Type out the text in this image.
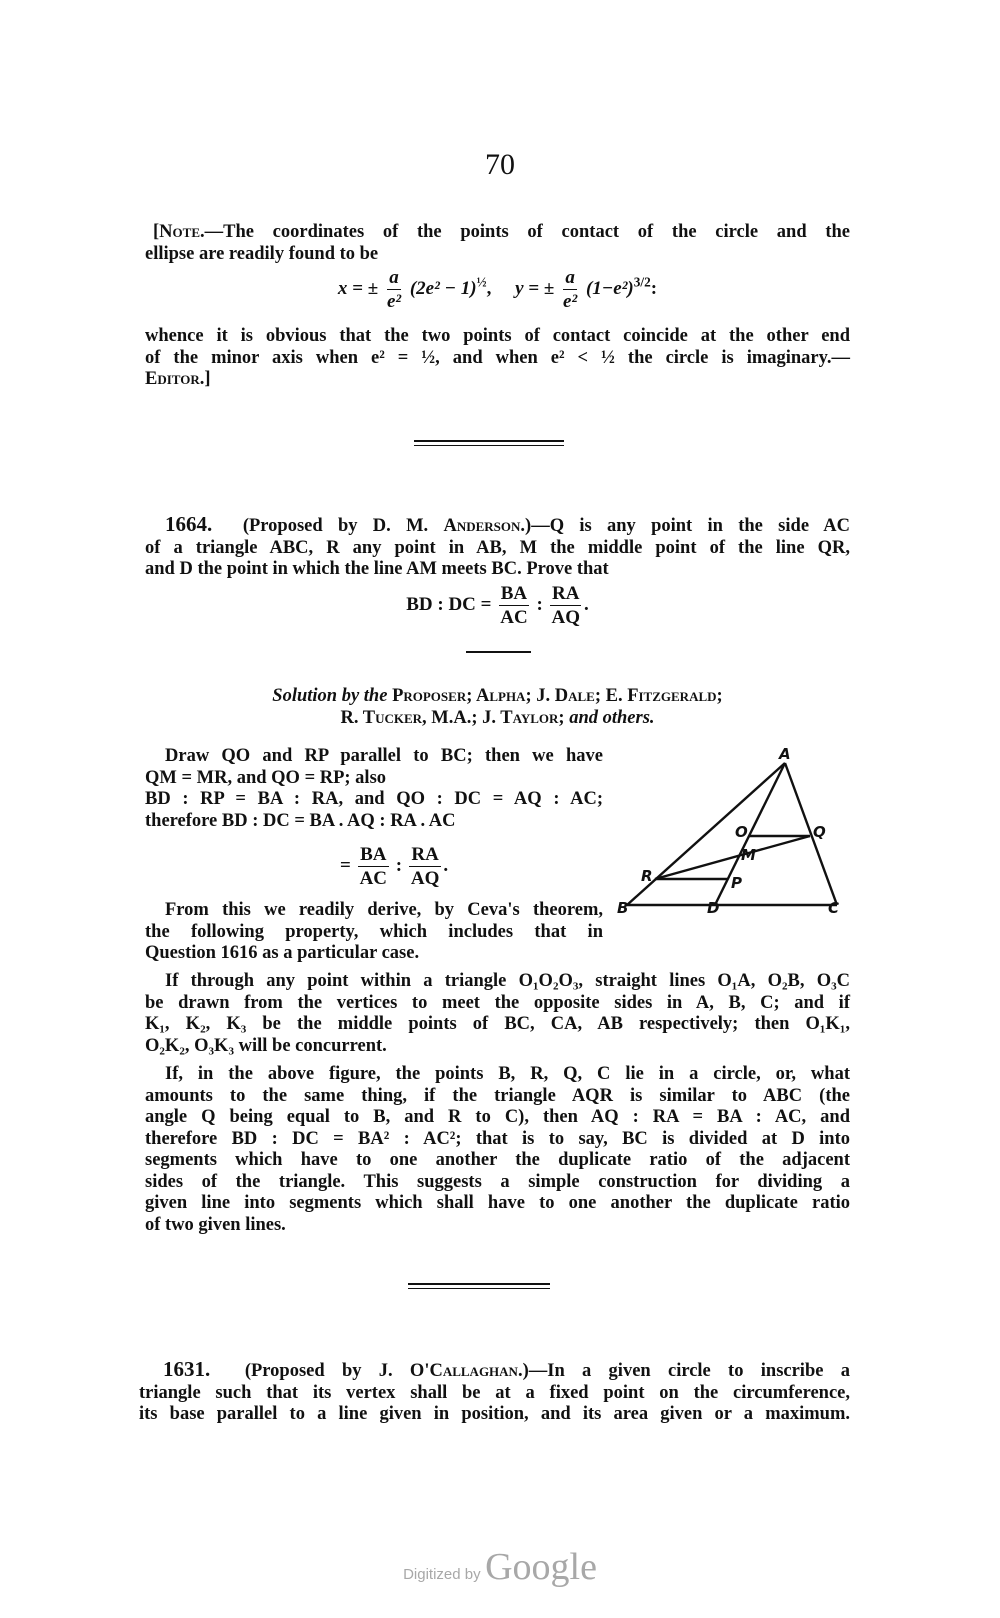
70
[Note.—The coordinates of the points of contact of the circle and the
ellipse are readily found to be
x = ± $\frac{a}{\text{e²}} (2e^2 - 1)^{\frac{1}{2}}$,     y = ± $\frac{a}{\text{e²}} (1-e^2)^{3/2}$:
whence it is obvious that the two points of contact coincide at the other end
of the minor axis when e² = ½, and when e² < ½ the circle is imaginary.—
Editor.]
1664. (Proposed by D. M. Anderson.)—Q is any point in the side AC
of a triangle ABC, R any point in AB, M the middle point of the line QR,
and D the point in which the line AM meets BC. Prove that
BD : DC = $\frac{BA}{AC}$ : $\frac{RA}{AQ}$ .
Solution by the Proposer; Alpha; J. Dale; E. Fitzgerald;
R. Tucker, M.A.; J. Taylor; and others.
Draw QO and RP parallel to BC; then we have
QM = MR, and QO = RP; also
BD : RP = BA : RA, and QO : DC = AQ : AC;
therefore BD : DC = BA . AQ : RA . AC
= $\frac{BA}{AC}$ : $\frac{RA}{AQ}$ .
From this we readily derive, by Ceva's theorem,
the following property, which includes that in
Question 1616 as a particular case.
A
O	Q
M
R	P
B	D	C
If through any point within a triangle O₁O₂O₃, straight lines O₁A, O₂B, O₃C
be drawn from the vertices to meet the opposite sides in A, B, C; and if
K₁, K₂, K₃ be the middle points of BC, CA, AB respectively; then O₁K₁,
O₂K₂, O₃K₃ will be concurrent.
If, in the above figure, the points B, R, Q, C lie in a circle, or, what
amounts to the same thing, if the triangle AQR is similar to ABC (the
angle Q being equal to B, and R to C), then AQ : RA = BA : AC, and
therefore BD : DC = BA² : AC²; that is to say, BC is divided at D into
segments which have to one another the duplicate ratio of the adjacent
sides of the triangle. This suggests a simple construction for dividing a
given line into segments which shall have to one another the duplicate ratio
of two given lines.
1631. (Proposed by J. O'Callaghan.)—In a given circle to inscribe a
triangle such that its vertex shall be at a fixed point on the circumference,
its base parallel to a line given in position, and its area given or a maximum.
Digitized by Google
